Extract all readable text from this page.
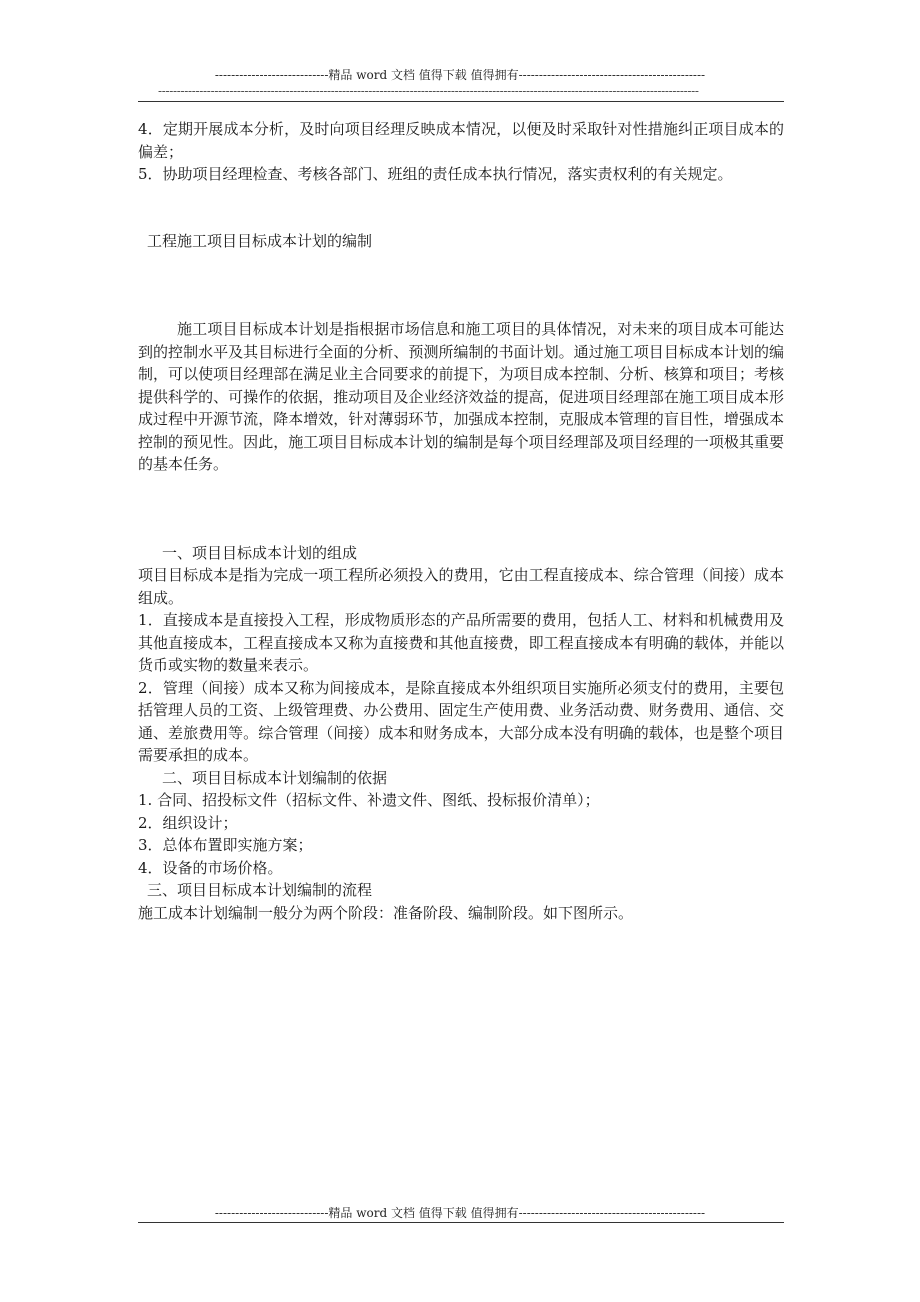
----------------------------精品 word 文档 值得下载 值得拥有----------------------------------------------
------------------------------------------------------------------------------------------------------------------------------------------------

4．定期开展成本分析，及时向项目经理反映成本情况，以便及时采取针对性措施纠正项目成本的偏差；

5．协助项目经理检查、考核各部门、班组的责任成本执行情况，落实责权利的有关规定。

工程施工项目目标成本计划的编制

施工项目目标成本计划是指根据市场信息和施工项目的具体情况，对未来的项目成本可能达到的控制水平及其目标进行全面的分析、预测所编制的书面计划。通过施工项目目标成本计划的编制，可以使项目经理部在满足业主合同要求的前提下，为项目成本控制、分析、核算和项目；考核提供科学的、可操作的依据，推动项目及企业经济效益的提高，促进项目经理部在施工项目成本形成过程中开源节流，降本增效，针对薄弱环节，加强成本控制，克服成本管理的盲目性，增强成本控制的预见性。因此，施工项目目标成本计划的编制是每个项目经理部及项目经理的一项极其重要的基本任务。

一、项目目标成本计划的组成

项目目标成本是指为完成一项工程所必须投入的费用，它由工程直接成本、综合管理（间接）成本组成。

1．直接成本是直接投入工程，形成物质形态的产品所需要的费用，包括人工、材料和机械费用及其他直接成本，工程直接成本又称为直接费和其他直接费，即工程直接成本有明确的载体，并能以货币或实物的数量来表示。

2．管理（间接）成本又称为间接成本，是除直接成本外组织项目实施所必须支付的费用，主要包括管理人员的工资、上级管理费、办公费用、固定生产使用费、业务活动费、财务费用、通信、交通、差旅费用等。综合管理（间接）成本和财务成本，大部分成本没有明确的载体，也是整个项目需要承担的成本。

二、项目目标成本计划编制的依据

1. 合同、招投标文件（招标文件、补遗文件、图纸、投标报价清单）；

2．组织设计；

3．总体布置即实施方案；

4．设备的市场价格。

三、项目目标成本计划编制的流程

施工成本计划编制一般分为两个阶段：准备阶段、编制阶段。如下图所示。

----------------------------精品 word 文档 值得下载 值得拥有----------------------------------------------
